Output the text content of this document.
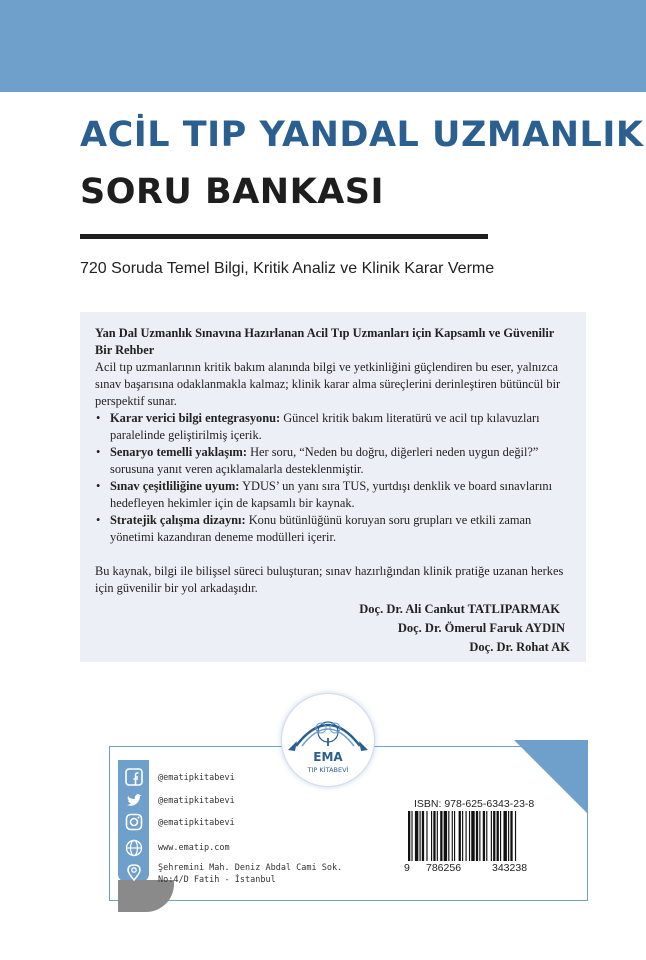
ACİL TIP YANDAL UZMANLIK
SORU BANKASI
720 Soruda Temel Bilgi, Kritik Analiz ve Klinik Karar Verme

Yan Dal Uzmanlık Sınavına Hazırlanan Acil Tıp Uzmanları için Kapsamlı ve Güvenilir Bir Rehber

Acil tıp uzmanlarının kritik bakım alanında bilgi ve yetkinliğini güçlendiren bu eser, yalnızca sınav başarısına odaklanmakla kalmaz; klinik karar alma süreçlerini derinleştiren bütüncül bir perspektif sunar.

• Karar verici bilgi entegrasyonu: Güncel kritik bakım literatürü ve acil tıp kılavuzları paralelinde geliştirilmiş içerik.
• Senaryo temelli yaklaşım: Her soru, “Neden bu doğru, diğerleri neden uygun değil?” sorusuna yanıt veren açıklamalarla desteklenmiştir.
• Sınav çeşitliliğine uyum: YDUS’ un yanı sıra TUS, yurtdışı denklik ve board sınavlarını hedefleyen hekimler için de kapsamlı bir kaynak.
• Stratejik çalışma dizaynı: Konu bütünlüğünü koruyan soru grupları ve etkili zaman yönetimi kazandıran deneme modülleri içerir.

Bu kaynak, bilgi ile bilişsel süreci buluşturan; sınav hazırlığından klinik pratiğe uzanan herkes için güvenilir bir yol arkadaşıdır.

Doç. Dr. Ali Cankut TATLIPARMAK
Doç. Dr. Ömerul Faruk AYDIN
Doç. Dr. Rohat AK
EMA
TIP KİTABEVİ
@ematipkitabevi
@ematipkitabevi
@ematipkitabevi
www.ematip.com
Şehremini Mah. Deniz Abdal Cami Sok.
No:4/D Fatih - İstanbul
ISBN: 978-625-6343-23-8
9 786256	343238
